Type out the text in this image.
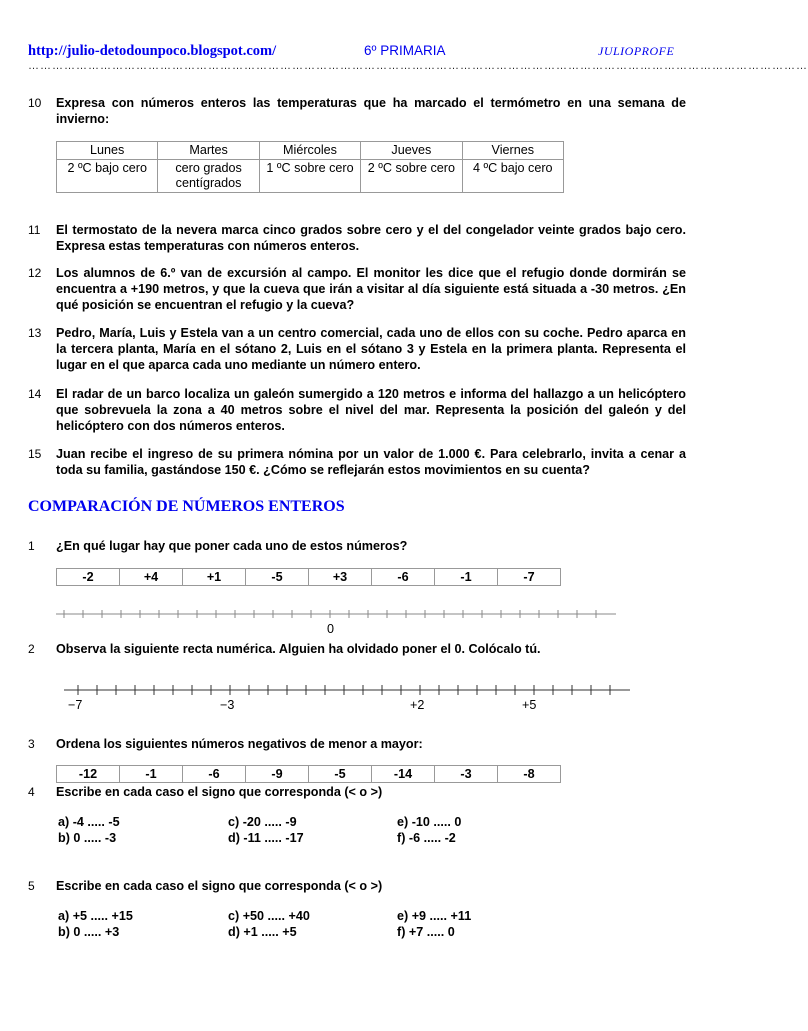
http://julio-detodounpoco.blogspot.com/	6º PRIMARIA	JULIOPROFE
……………………………………………………………………………………………………………………………………………………………………………
10 Expresa con números enteros las temperaturas que ha marcado el termómetro en una semana de invierno:
Lunes	Martes	Miércoles	Jueves	Viernes
2 ºC bajo cero	cero grados centígrados	1 ºC sobre cero	2 ºC sobre cero	4 ºC bajo cero
11 El termostato de la nevera marca cinco grados sobre cero y el del congelador veinte grados bajo cero. Expresa estas temperaturas con números enteros.
12 Los alumnos de 6.º van de excursión al campo. El monitor les dice que el refugio donde dormirán se encuentra a +190 metros, y que la cueva que irán a visitar al día siguiente está situada a -30 metros. ¿En qué posición se encuentran el refugio y la cueva?
13 Pedro, María, Luis y Estela van a un centro comercial, cada uno de ellos con su coche. Pedro aparca en la tercera planta, María en el sótano 2, Luis en el sótano 3 y Estela en la primera planta. Representa el lugar en el que aparca cada uno mediante un número entero.
14 El radar de un barco localiza un galeón sumergido a 120 metros e informa del hallazgo a un helicóptero que sobrevuela la zona a 40 metros sobre el nivel del mar. Representa la posición del galeón y del helicóptero con dos números enteros.
15 Juan recibe el ingreso de su primera nómina por un valor de 1.000 €. Para celebrarlo, invita a cenar a toda su familia, gastándose 150 €. ¿Cómo se reflejarán estos movimientos en su cuenta?
COMPARACIÓN DE NÚMEROS ENTEROS
1 ¿En qué lugar hay que poner cada uno de estos números?
-2	+4	+1	-5	+3	-6	-1	-7
0
2 Observa la siguiente recta numérica. Alguien ha olvidado poner el 0. Colócalo tú.
−7	−3	+2	+5
3 Ordena los siguientes números negativos de menor a mayor:
-12	-1	-6	-9	-5	-14	-3	-8
4 Escribe en cada caso el signo que corresponda (< o >)
a) -4 ..... -5
b) 0 ..... -3
c) -20 ..... -9
d) -11 ..... -17
e) -10 ..... 0
f) -6 ..... -2
5 Escribe en cada caso el signo que corresponda (< o >)
a) +5 ..... +15
b) 0 ..... +3
c) +50 ..... +40
d) +1 ..... +5
e) +9 ..... +11
f) +7 ..... 0
